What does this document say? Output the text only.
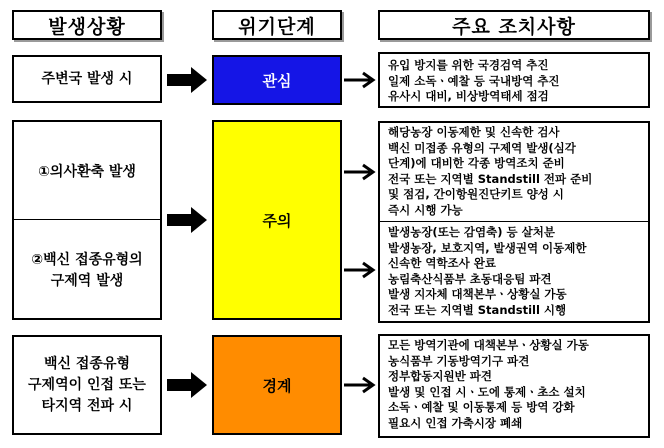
발생상황	위기단계	주요 조치사항
주변국 발생 시
①의사환축 발생
②백신 접종유형의
구제역 발생
백신 접종유형
구제역이 인접 또는
타지역 전파 시
관심
주의
경계
유입 방지를 위한 국경검역 추진
일제 소독ㆍ예찰 등 국내방역 추진
유사시 대비, 비상방역태세 점검
해당농장 이동제한 및 신속한 검사
백신 미접종 유형의 구제역 발생(심각
단계)에 대비한 각종 방역조치 준비
전국 또는 지역별 Standstill 전파 준비
및 점검, 간이항원진단키트 양성 시
즉시 시행 가능
발생농장(또는 감염축) 등 살처분
발생농장, 보호지역, 발생권역 이동제한
신속한 역학조사 완료
농림축산식품부 초동대응팀 파견
발생 지자체 대책본부ㆍ상황실 가동
전국 또는 지역별 Standstill 시행
모든 방역기관에 대책본부ㆍ상황실 가동
농식품부 기동방역기구 파견
정부합동지원반 파견
발생 및 인접 시ㆍ도에 통제ㆍ초소 설치
소독ㆍ예찰 및 이동통제 등 방역 강화
필요시 인접 가축시장 폐쇄
